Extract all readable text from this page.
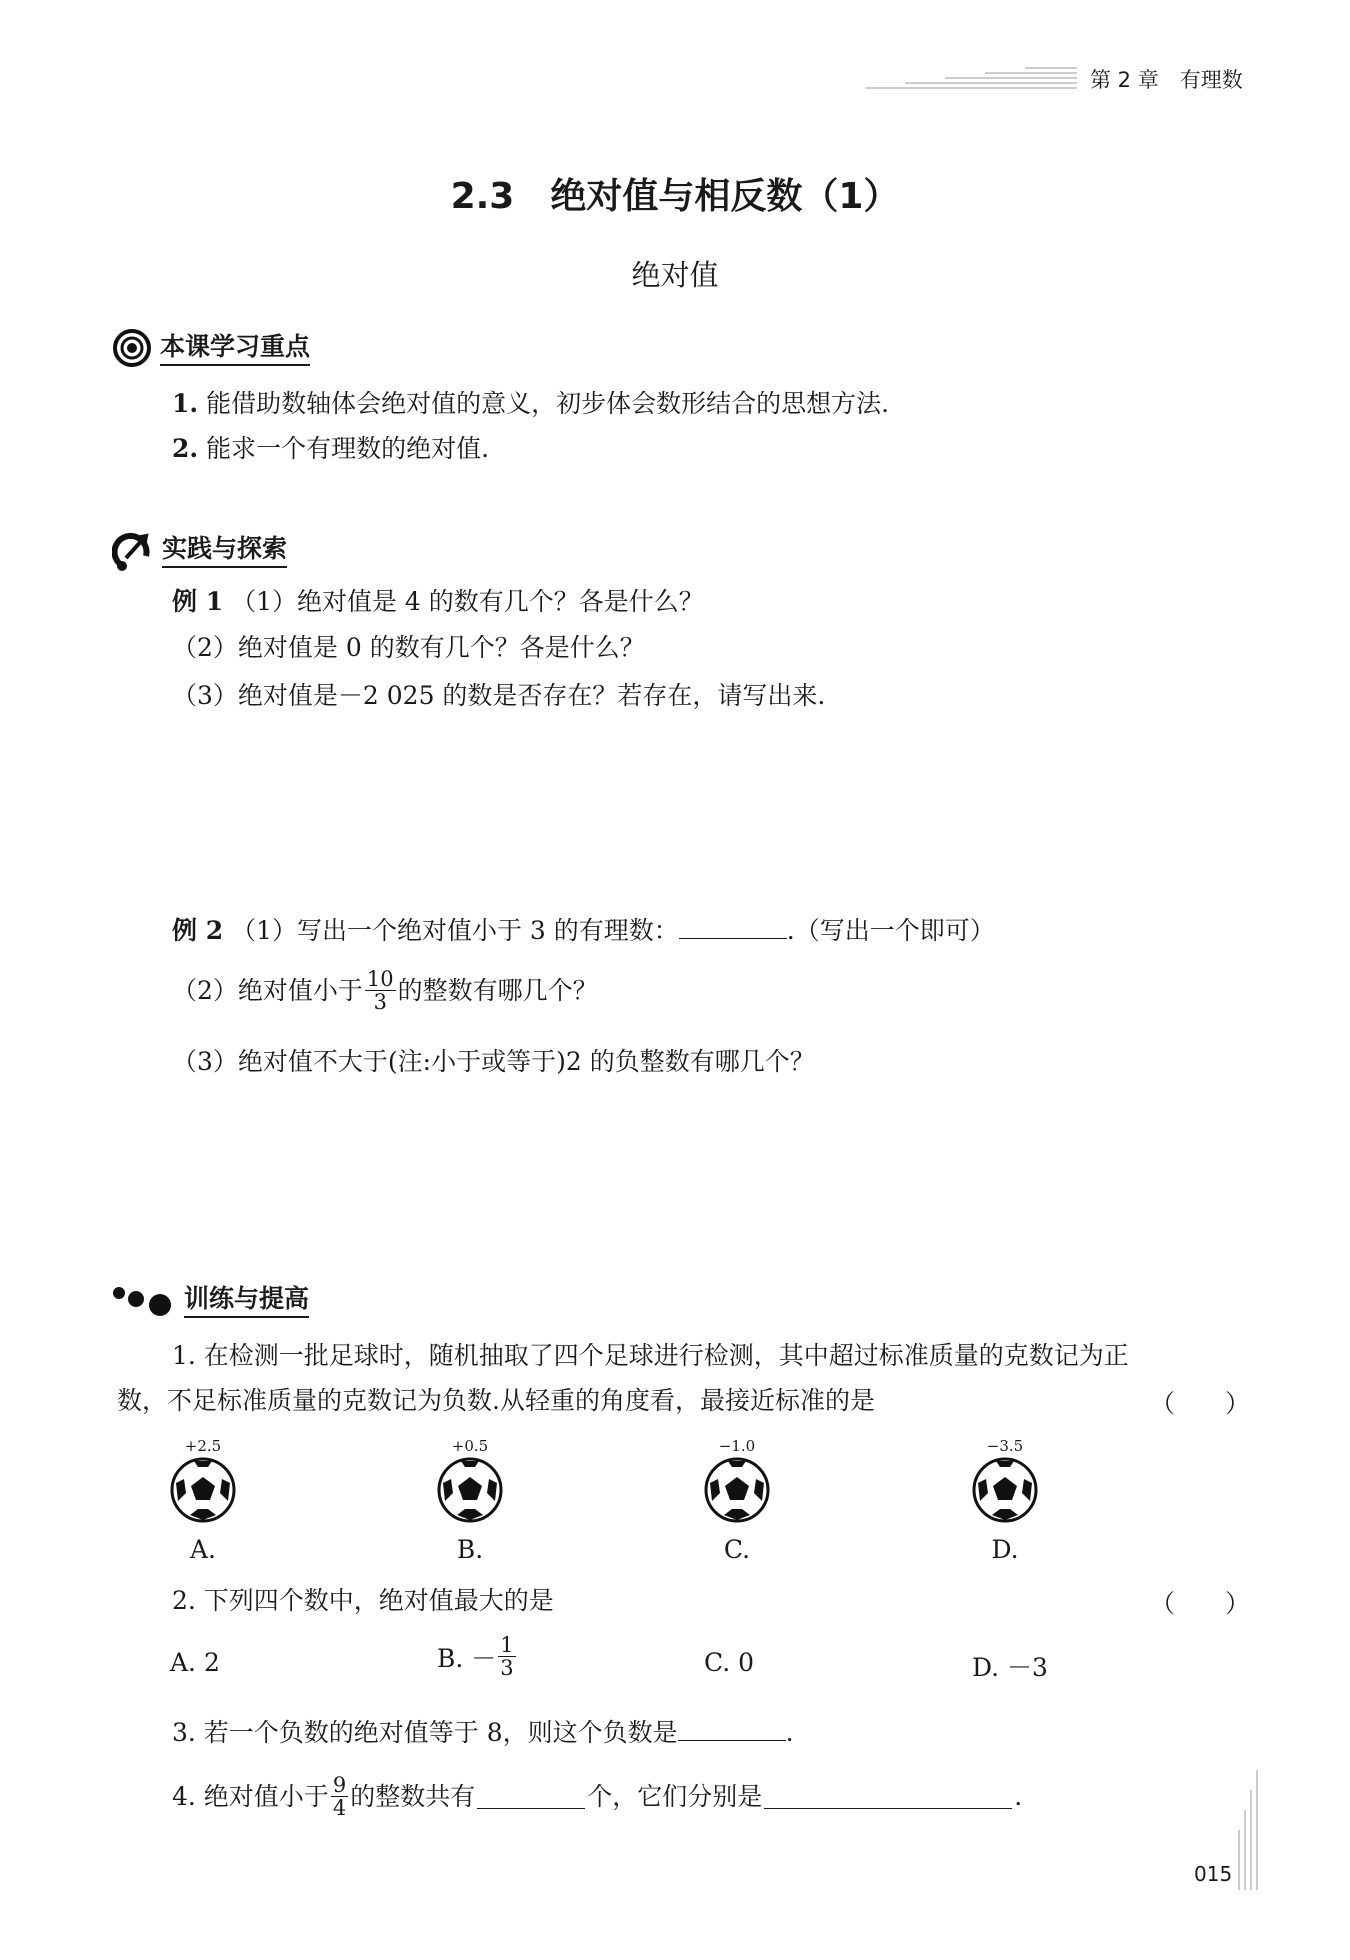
第 2 章　有理数
2.3　绝对值与相反数（1）
绝对值
本课学习重点
1. 能借助数轴体会绝对值的意义，初步体会数形结合的思想方法.
2. 能求一个有理数的绝对值.
实践与探索
例 1 （1）绝对值是 4 的数有几个？各是什么？
（2）绝对值是 0 的数有几个？各是什么？
（3）绝对值是－2 025 的数是否存在？若存在，请写出来.
例 2 （1）写出一个绝对值小于 3 的有理数：	.（写出一个即可）
（2）绝对值小于 $\frac{10}{3}$ 的整数有哪几个？
（3）绝对值不大于(注:小于或等于)2 的负整数有哪几个？
训练与提高
1. 在检测一批足球时，随机抽取了四个足球进行检测，其中超过标准质量的克数记为正
数，不足标准质量的克数记为负数.从轻重的角度看，最接近标准的是	（　　）
+2.5
A.
+0.5
B.
−1.0
C.
−3.5
D.
2. 下列四个数中，绝对值最大的是	（　　）
A. 2	B. － $\frac{1}{3}$	C. 0	D. －3
3. 若一个负数的绝对值等于 8，则这个负数是	.
4. 绝对值小于 $\frac{9}{4}$ 的整数共有	个，它们分别是	.
015
